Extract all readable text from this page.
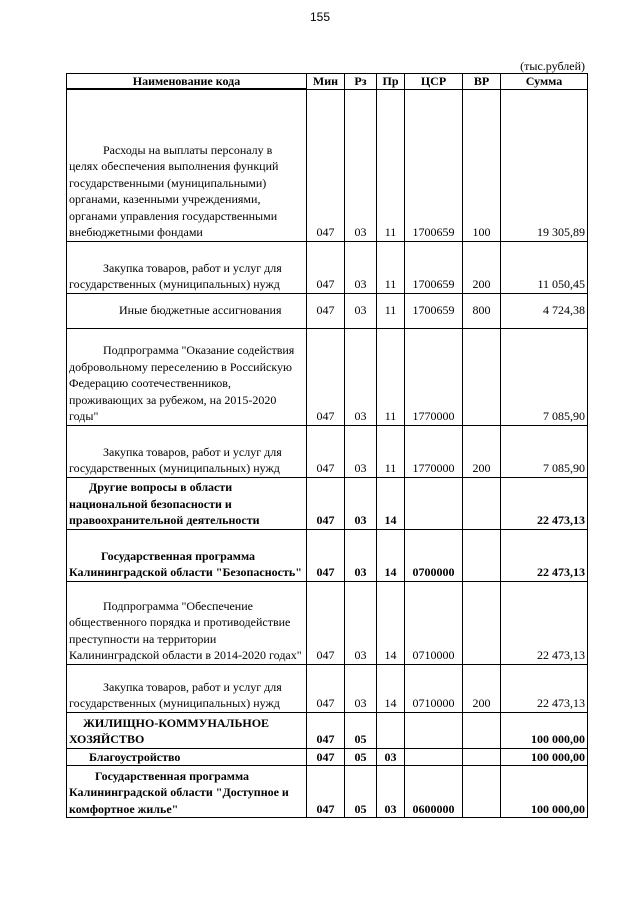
155
(тыс.рублей)
Наименование кода	Мин	Рз	Пр	ЦСР	ВР	Сумма

Расходы на выплаты персоналу в целях обеспечения выполнения функций государственными (муниципальными) органами, казенными учреждениями, органами управления государственными внебюджетными фондами	047	03	11	1700659	100	19 305,89

Закупка товаров, работ и услуг для государственных (муниципальных) нужд	047	03	11	1700659	200	11 050,45

Иные бюджетные ассигнования	047	03	11	1700659	800	4 724,38

Подпрограмма "Оказание содействия добровольному переселению в Российскую Федерацию соотечественников, проживающих за рубежом, на 2015-2020 годы"	047	03	11	1770000		7 085,90

Закупка товаров, работ и услуг для государственных (муниципальных) нужд	047	03	11	1770000	200	7 085,90

Другие вопросы в области национальной безопасности и правоохранительной деятельности	047	03	14			22 473,13

Государственная программа Калининградской области "Безопасность"	047	03	14	0700000		22 473,13

Подпрограмма "Обеспечение общественного порядка и противодействие преступности на территории Калининградской области в 2014-2020 годах"	047	03	14	0710000		22 473,13

Закупка товаров, работ и услуг для государственных (муниципальных) нужд	047	03	14	0710000	200	22 473,13

ЖИЛИЩНО-КОММУНАЛЬНОЕ ХОЗЯЙСТВО	047	05				100 000,00

Благоустройство	047	05	03			100 000,00

Государственная программа Калининградской области "Доступное и комфортное жилье"	047	05	03	0600000		100 000,00
